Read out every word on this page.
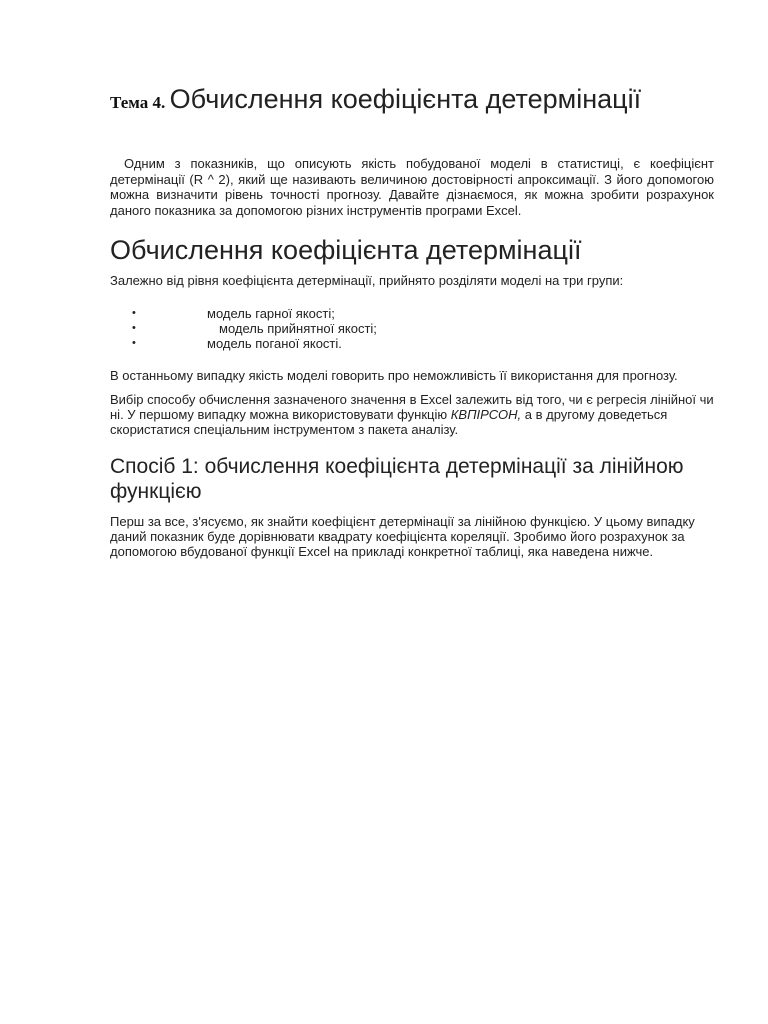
Тема 4. Обчислення коефіцієнта детермінації

Одним з показників, що описують якість побудованої моделі в статистиці, є коефіцієнт детермінації (R ^ 2), який ще називають величиною достовірності апроксимації. З його допомогою можна визначити рівень точності прогнозу. Давайте дізнаємося, як можна зробити розрахунок даного показника за допомогою різних інструментів програми Excel.

Обчислення коефіцієнта детермінації

Залежно від рівня коефіцієнта детермінації, прийнято розділяти моделі на три групи:

•	модель гарної якості;
•	модель прийнятної якості;
•	модель поганої якості.

В останньому випадку якість моделі говорить про неможливість її використання для прогнозу.

Вибір способу обчислення зазначеного значення в Excel залежить від того, чи є регресія лінійної чи ні. У першому випадку можна використовувати функцію КВПІРСОН, а в другому доведеться скористатися спеціальним інструментом з пакета аналізу.

Спосіб 1: обчислення коефіцієнта детермінації за лінійною функцією

Перш за все, з'ясуємо, як знайти коефіцієнт детермінації за лінійною функцією. У цьому випадку даний показник буде дорівнювати квадрату коефіцієнта кореляції. Зробимо його розрахунок за допомогою вбудованої функції Excel на прикладі конкретної таблиці, яка наведена нижче.
